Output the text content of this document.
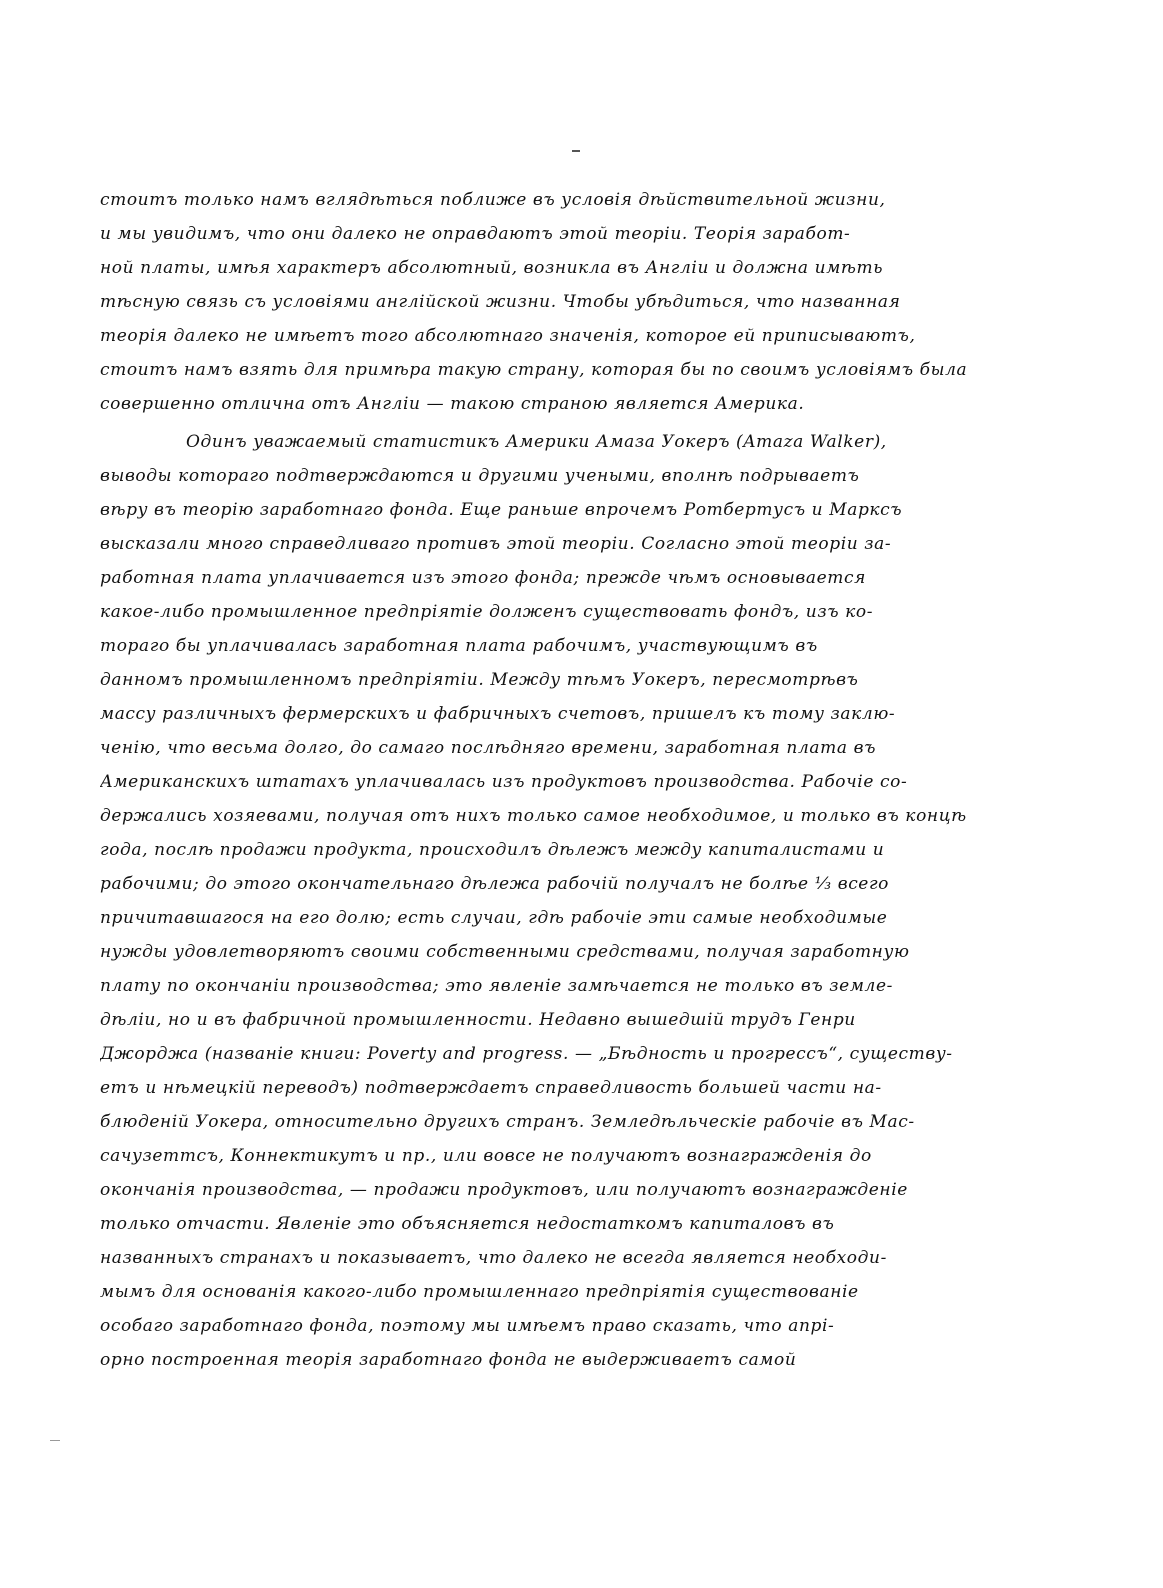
стоитъ только намъ вглядѣться поближе въ условія дѣйствительной жизни,
и мы увидимъ, что они далеко не оправдаютъ этой теоріи. Теорія заработ-
ной платы, имѣя характеръ абсолютный, возникла въ Англіи и должна имѣть
тѣсную связь съ условіями англійской жизни. Чтобы убѣдиться, что названная
теорія далеко не имѣетъ того абсолютнаго значенія, которое ей приписываютъ,
стоитъ намъ взять для примѣра такую страну, которая бы по своимъ условіямъ была
совершенно отлична отъ Англіи — такою страною является Америка.
Одинъ уважаемый статистикъ Америки Амаза Уокеръ (Amaza Walker),
выводы котораго подтверждаются и другими учеными, вполнѣ подрываетъ
вѣру въ теорію заработнаго фонда. Еще раньше впрочемъ Ротбертусъ и Марксъ
высказали много справедливаго противъ этой теоріи. Согласно этой теоріи за-
работная плата уплачивается изъ этого фонда; прежде чѣмъ основывается
какое-либо промышленное предпріятіе долженъ существовать фондъ, изъ ко-
тораго бы уплачивалась заработная плата рабочимъ, участвующимъ въ
данномъ промышленномъ предпріятіи. Между тѣмъ Уокеръ, пересмотрѣвъ
массу различныхъ фермерскихъ и фабричныхъ счетовъ, пришелъ къ тому заклю-
ченію, что весьма долго, до самаго послѣдняго времени, заработная плата въ
Американскихъ штатахъ уплачивалась изъ продуктовъ производства. Рабочіе со-
держались хозяевами, получая отъ нихъ только самое необходимое, и только въ концѣ
года, послѣ продажи продукта, происходилъ дѣлежъ между капиталистами и
рабочими; до этого окончательнаго дѣлежа рабочій получалъ не болѣе ⅓ всего
причитавшагося на его долю; есть случаи, гдѣ рабочіе эти самые необходимые
нужды удовлетворяютъ своими собственными средствами, получая заработную
плату по окончаніи производства; это явленіе замѣчается не только въ земле-
дѣліи, но и въ фабричной промышленности. Недавно вышедшій трудъ Генри
Джорджа (названіе книги: Poverty and progress. — „Бѣдность и прогрессъ“, существу-
етъ и нѣмецкій переводъ) подтверждаетъ справедливость большей части на-
блюденій Уокера, относительно другихъ странъ. Земледѣльческіе рабочіе въ Мас-
сачузеттсъ, Коннектикутъ и пр., или вовсе не получаютъ вознагражденія до
окончанія производства, — продажи продуктовъ, или получаютъ вознагражденіе
только отчасти. Явленіе это объясняется недостаткомъ капиталовъ въ
названныхъ странахъ и показываетъ, что далеко не всегда является необходи-
мымъ для основанія какого-либо промышленнаго предпріятія существованіе
особаго заработнаго фонда, поэтому мы имѣемъ право сказать, что апрі-
орно построенная теорія заработнаго фонда не выдерживаетъ самой
